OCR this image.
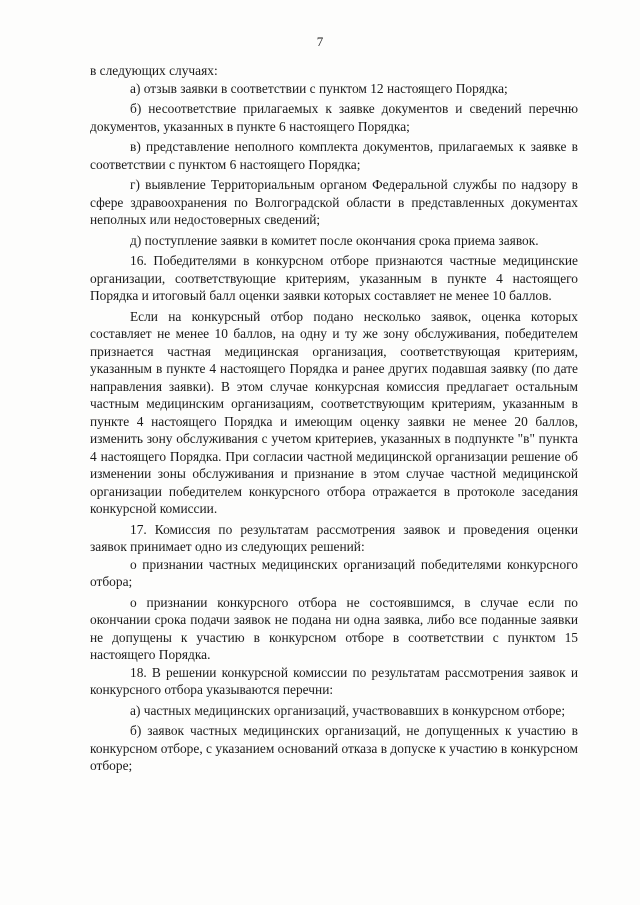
7

в следующих случаях:

а) отзыв заявки в соответствии с пунктом 12 настоящего Порядка;

б) несоответствие прилагаемых к заявке документов и сведений перечню документов, указанных в пункте 6 настоящего Порядка;

в) представление неполного комплекта документов, прилагаемых к заявке в соответствии с пунктом 6 настоящего Порядка;

г) выявление Территориальным органом Федеральной службы по надзору в сфере здравоохранения по Волгоградской области в представленных документах неполных или недостоверных сведений;

д) поступление заявки в комитет после окончания срока приема заявок.

16. Победителями в конкурсном отборе признаются частные медицинские организации, соответствующие критериям, указанным в пункте 4 настоящего Порядка и итоговый балл оценки заявки которых составляет не менее 10 баллов.

Если на конкурсный отбор подано несколько заявок, оценка которых составляет не менее 10 баллов, на одну и ту же зону обслуживания, победителем признается частная медицинская организация, соответствующая критериям, указанным в пункте 4 настоящего Порядка и ранее других подавшая заявку (по дате направления заявки). В этом случае конкурсная комиссия предлагает остальным частным медицинским организациям, соответствующим критериям, указанным в пункте 4 настоящего Порядка и имеющим оценку заявки не менее 20 баллов, изменить зону обслуживания с учетом критериев, указанных в подпункте "в" пункта 4 настоящего Порядка. При согласии частной медицинской организации решение об изменении зоны обслуживания и признание в этом случае частной медицинской организации победителем конкурсного отбора отражается в протоколе заседания конкурсной комиссии.

17. Комиссия по результатам рассмотрения заявок и проведения оценки заявок принимает одно из следующих решений:

о признании частных медицинских организаций победителями конкурсного отбора;

о признании конкурсного отбора не состоявшимся, в случае если по окончании срока подачи заявок не подана ни одна заявка, либо все поданные заявки не допущены к участию в конкурсном отборе в соответствии с пунктом 15 настоящего Порядка.

18. В решении конкурсной комиссии по результатам рассмотрения заявок и конкурсного отбора указываются перечни:

а) частных медицинских организаций, участвовавших в конкурсном отборе;

б) заявок частных медицинских организаций, не допущенных к участию в конкурсном отборе, с указанием оснований отказа в допуске к участию в конкурсном отборе;
